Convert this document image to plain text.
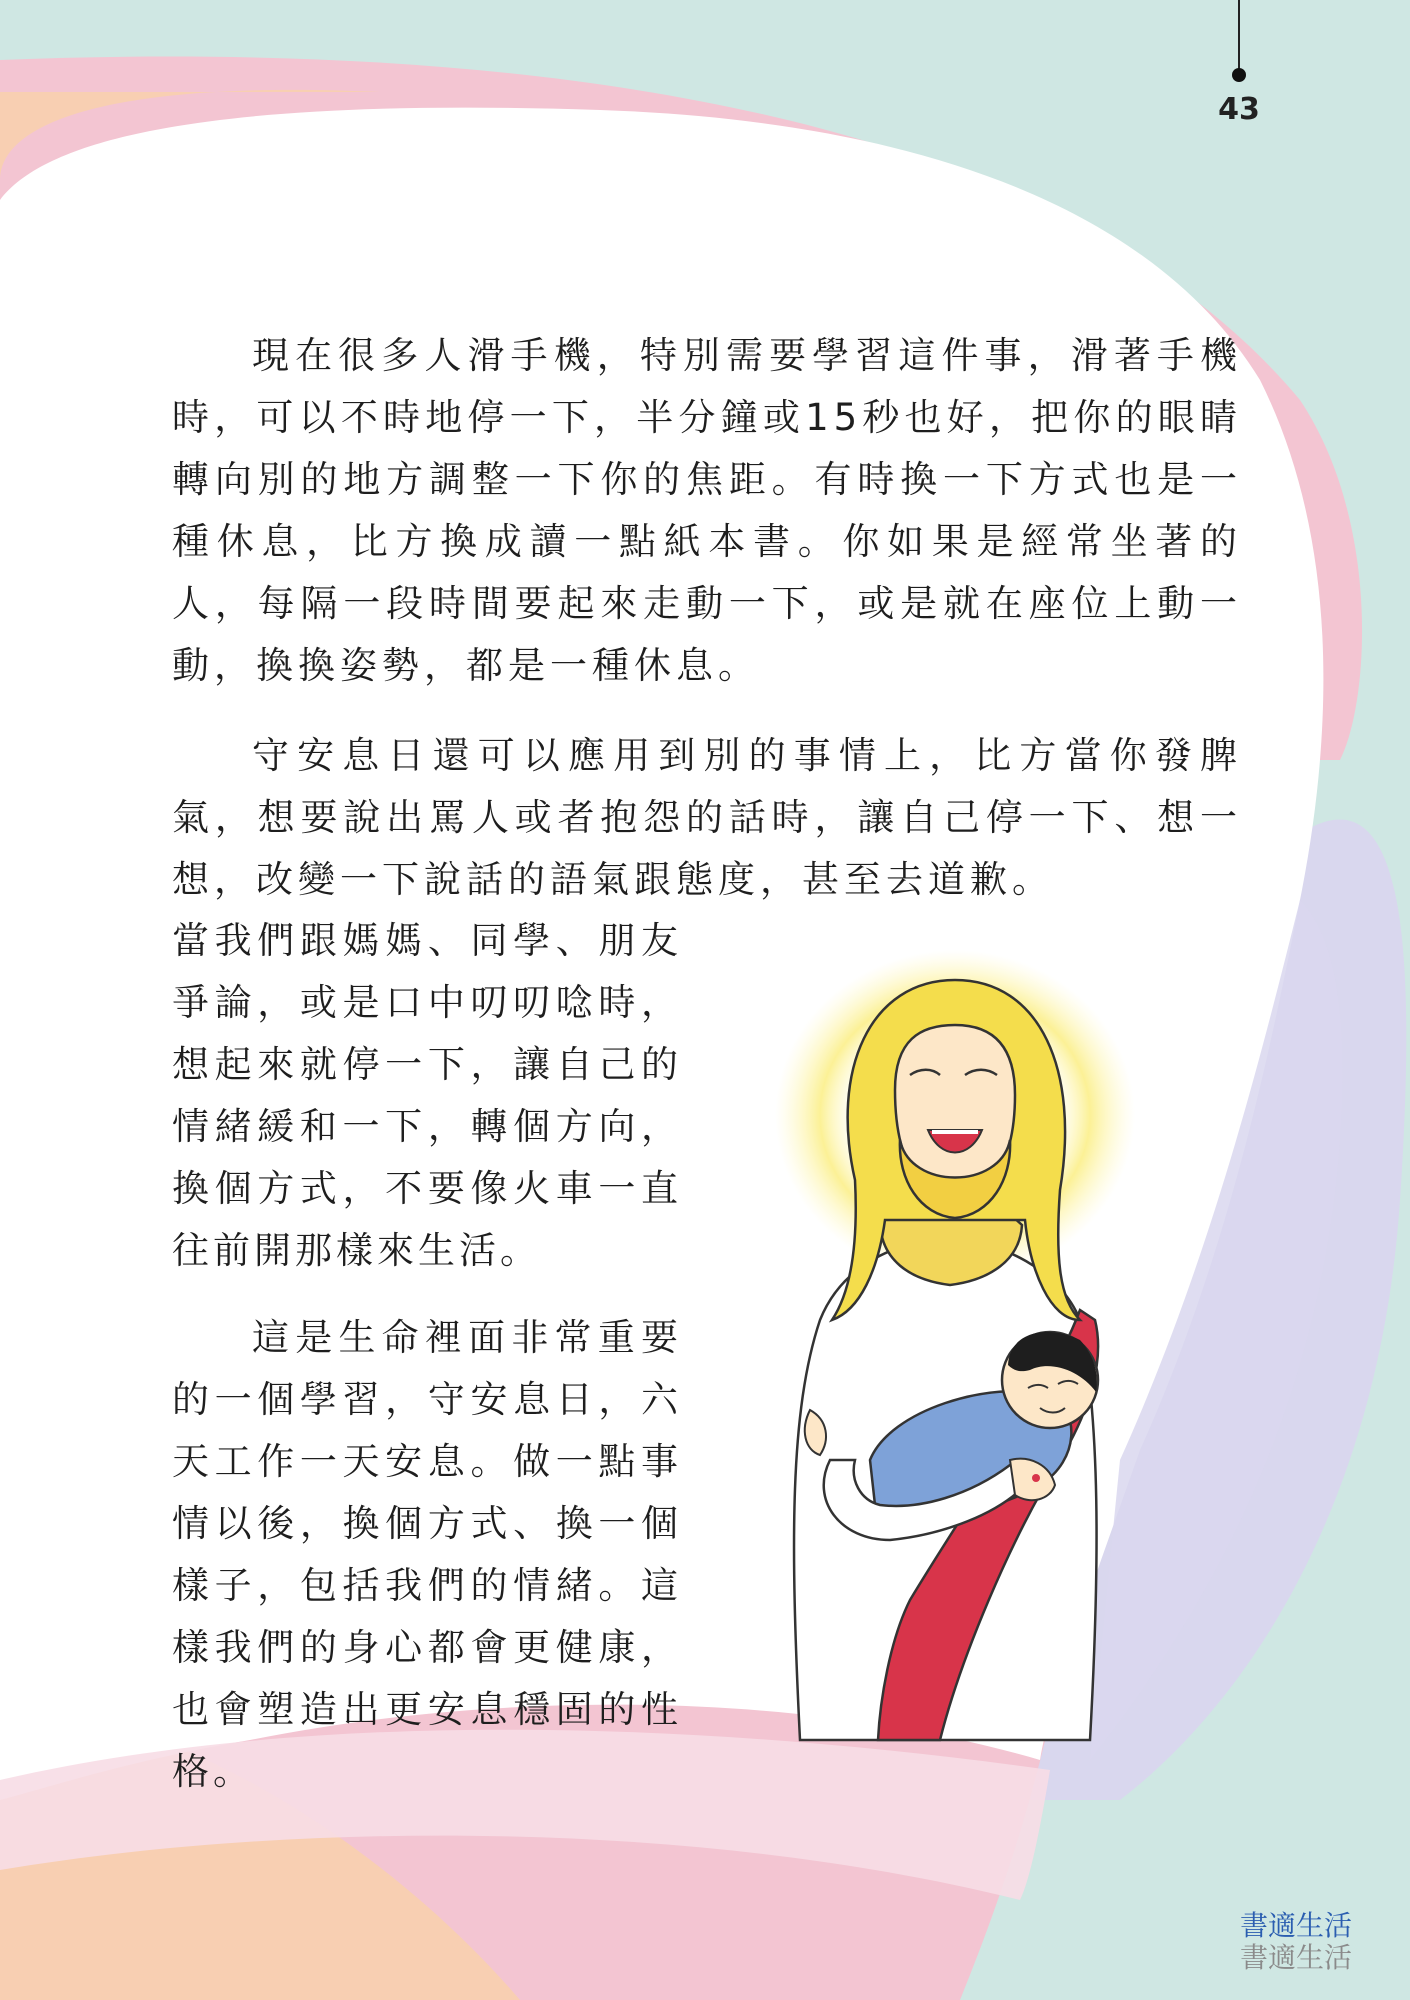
43

現在很多人滑手機，特別需要學習這件事，滑著手機時，可以不時地停一下，半分鐘或15秒也好，把你的眼睛轉向別的地方調整一下你的焦距。有時換一下方式也是一種休息，比方換成讀一點紙本書。你如果是經常坐著的人，每隔一段時間要起來走動一下，或是就在座位上動一動，換換姿勢，都是一種休息。

守安息日還可以應用到別的事情上，比方當你發脾氣，想要說出罵人或者抱怨的話時，讓自己停一下、想一想，改變一下說話的語氣跟態度，甚至去道歉。

當我們跟媽媽、同學、朋友爭論，或是口中叨叨唸時，想起來就停一下，讓自己的情緒緩和一下，轉個方向，換個方式，不要像火車一直往前開那樣來生活。

這是生命裡面非常重要的一個學習，守安息日，六天工作一天安息。做一點事情以後，換個方式、換一個樣子，包括我們的情緒。這樣我們的身心都會更健康，也會塑造出更安息穩固的性格。

書適生活
書適生活
